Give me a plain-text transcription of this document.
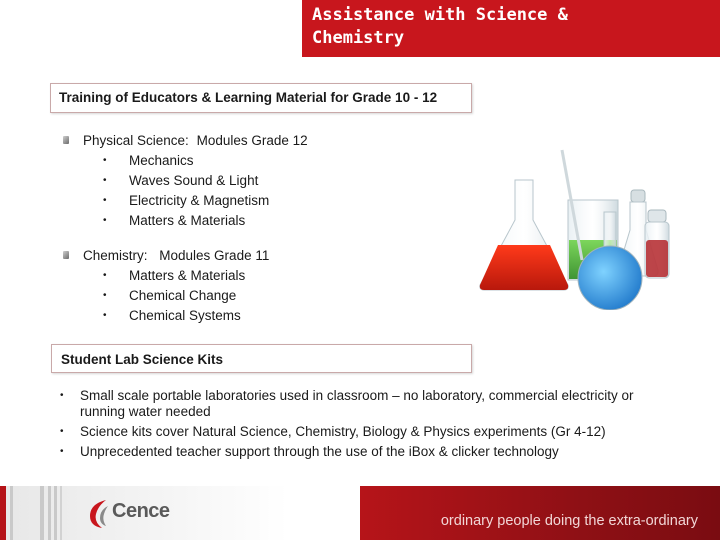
Assistance with Science &
Chemistry
Training of Educators & Learning Material for Grade 10 - 12
Physical Science: Modules Grade 12
• Mechanics
• Waves Sound & Light
• Electricity & Magnetism
• Matters & Materials
Chemistry: Modules Grade 11
• Matters & Materials
• Chemical Change
• Chemical Systems
Student Lab Science Kits
• Small scale portable laboratories used in classroom – no laboratory, commercial electricity or running water needed
• Science kits cover Natural Science, Chemistry, Biology & Physics experiments (Gr 4-12)
• Unprecedented teacher support through the use of the iBox & clicker technology
Cence	ordinary people doing the extra-ordinary
